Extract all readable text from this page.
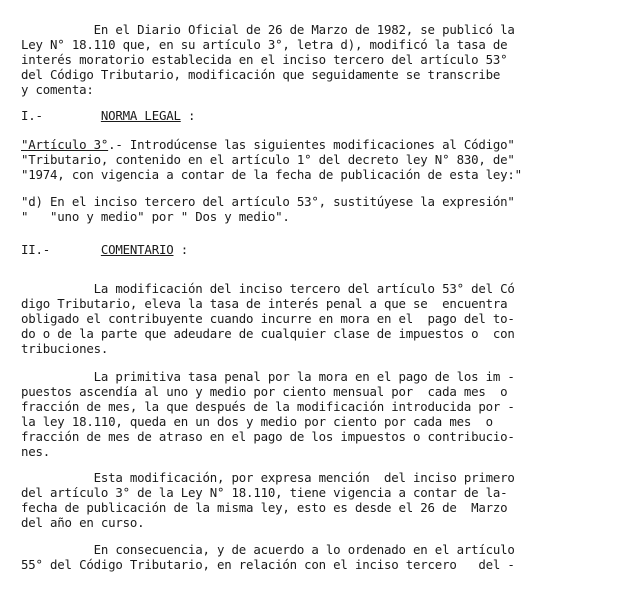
En el Diario Oficial de 26 de Marzo de 1982, se publicó la
Ley N° 18.110 que, en su artículo 3°, letra d), modificó la tasa de
interés moratorio establecida en el inciso tercero del artículo 53°
del Código Tributario, modificación que seguidamente se transcribe
y comenta:
I.-	NORMA LEGAL :
"Artículo 3°.- Introdúcense las siguientes modificaciones al Código"
"Tributario, contenido en el artículo 1° del decreto ley N° 830, de"
"1974, con vigencia a contar de la fecha de publicación de esta ley:"
"d) En el inciso tercero del artículo 53°, sustitúyese la expresión"
"   "uno y medio" por " Dos y medio".
II.-	COMENTARIO :
La modificación del inciso tercero del artículo 53° del Có
digo Tributario, eleva la tasa de interés penal a que se  encuentra
obligado el contribuyente cuando incurre en mora en el  pago del to-
do o de la parte que adeudare de cualquier clase de impuestos o  con
tribuciones.
La primitiva tasa penal por la mora en el pago de los im -
puestos ascendía al uno y medio por ciento mensual por  cada mes  o
fracción de mes, la que después de la modificación introducida por -
la ley 18.110, queda en un dos y medio por ciento por cada mes  o
fracción de mes de atraso en el pago de los impuestos o contribucio-
nes.
Esta modificación, por expresa mención  del inciso primero
del artículo 3° de la Ley N° 18.110, tiene vigencia a contar de la-
fecha de publicación de la misma ley, esto es desde el 26 de  Marzo
del año en curso.
En consecuencia, y de acuerdo a lo ordenado en el artículo
55° del Código Tributario, en relación con el inciso tercero   del -
